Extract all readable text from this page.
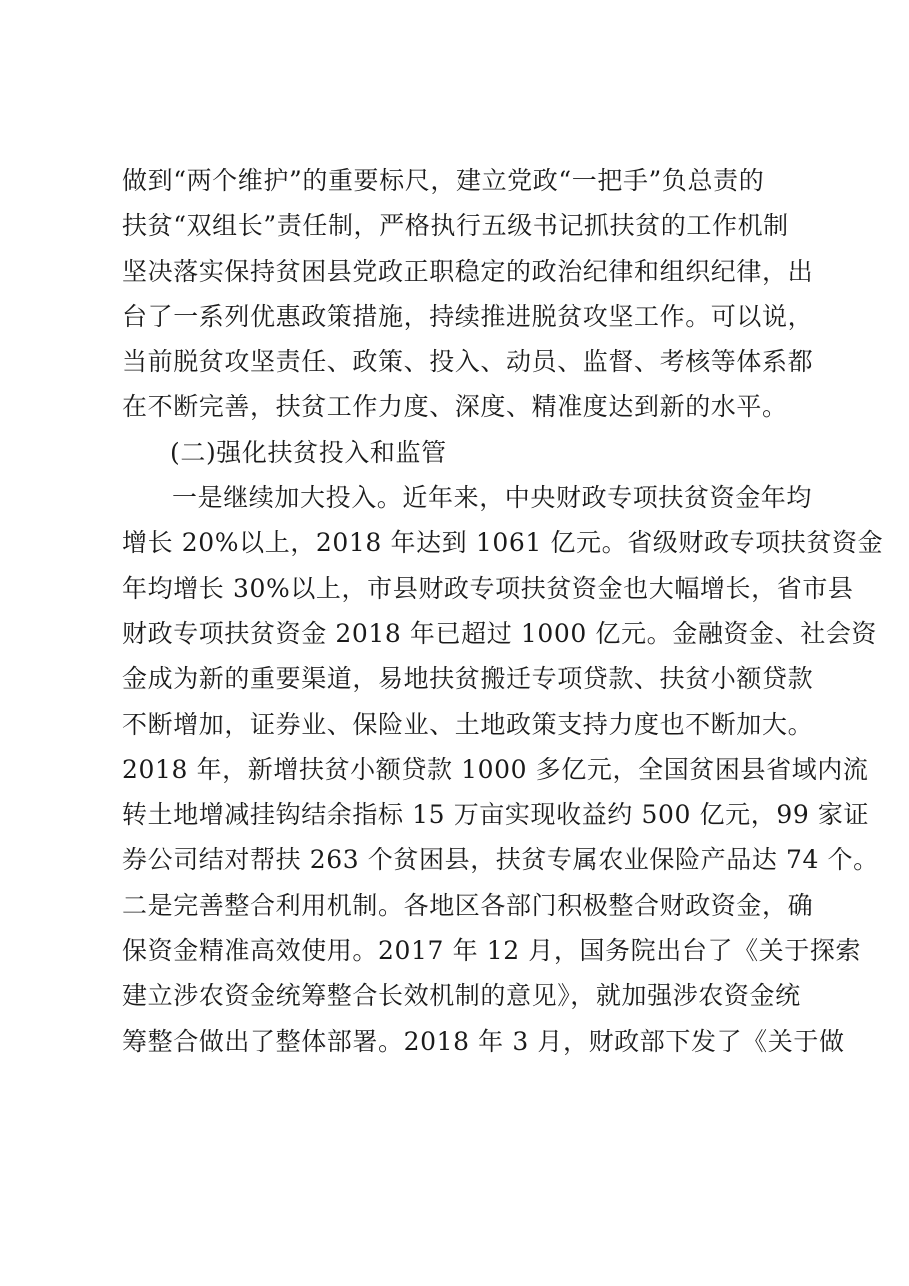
做到“两个维护”的重要标尺，建立党政“一把手”负总责的
扶贫“双组长”责任制，严格执行五级书记抓扶贫的工作机制
坚决落实保持贫困县党政正职稳定的政治纪律和组织纪律，出
台了一系列优惠政策措施，持续推进脱贫攻坚工作。可以说，
当前脱贫攻坚责任、政策、投入、动员、监督、考核等体系都
在不断完善，扶贫工作力度、深度、精准度达到新的水平。
(二)强化扶贫投入和监管
一是继续加大投入。近年来，中央财政专项扶贫资金年均
增长 20%以上，2018 年达到 1061 亿元。省级财政专项扶贫资金
年均增长 30%以上，市县财政专项扶贫资金也大幅增长，省市县
财政专项扶贫资金 2018 年已超过 1000 亿元。金融资金、社会资
金成为新的重要渠道，易地扶贫搬迁专项贷款、扶贫小额贷款
不断增加，证券业、保险业、土地政策支持力度也不断加大。
2018 年，新增扶贫小额贷款 1000 多亿元，全国贫困县省域内流
转土地增减挂钩结余指标 15 万亩实现收益约 500 亿元，99 家证
券公司结对帮扶 263 个贫困县，扶贫专属农业保险产品达 74 个。
二是完善整合利用机制。各地区各部门积极整合财政资金，确
保资金精准高效使用。2017 年 12 月，国务院出台了《关于探索
建立涉农资金统筹整合长效机制的意见》，就加强涉农资金统
筹整合做出了整体部署。2018 年 3 月，财政部下发了《关于做
